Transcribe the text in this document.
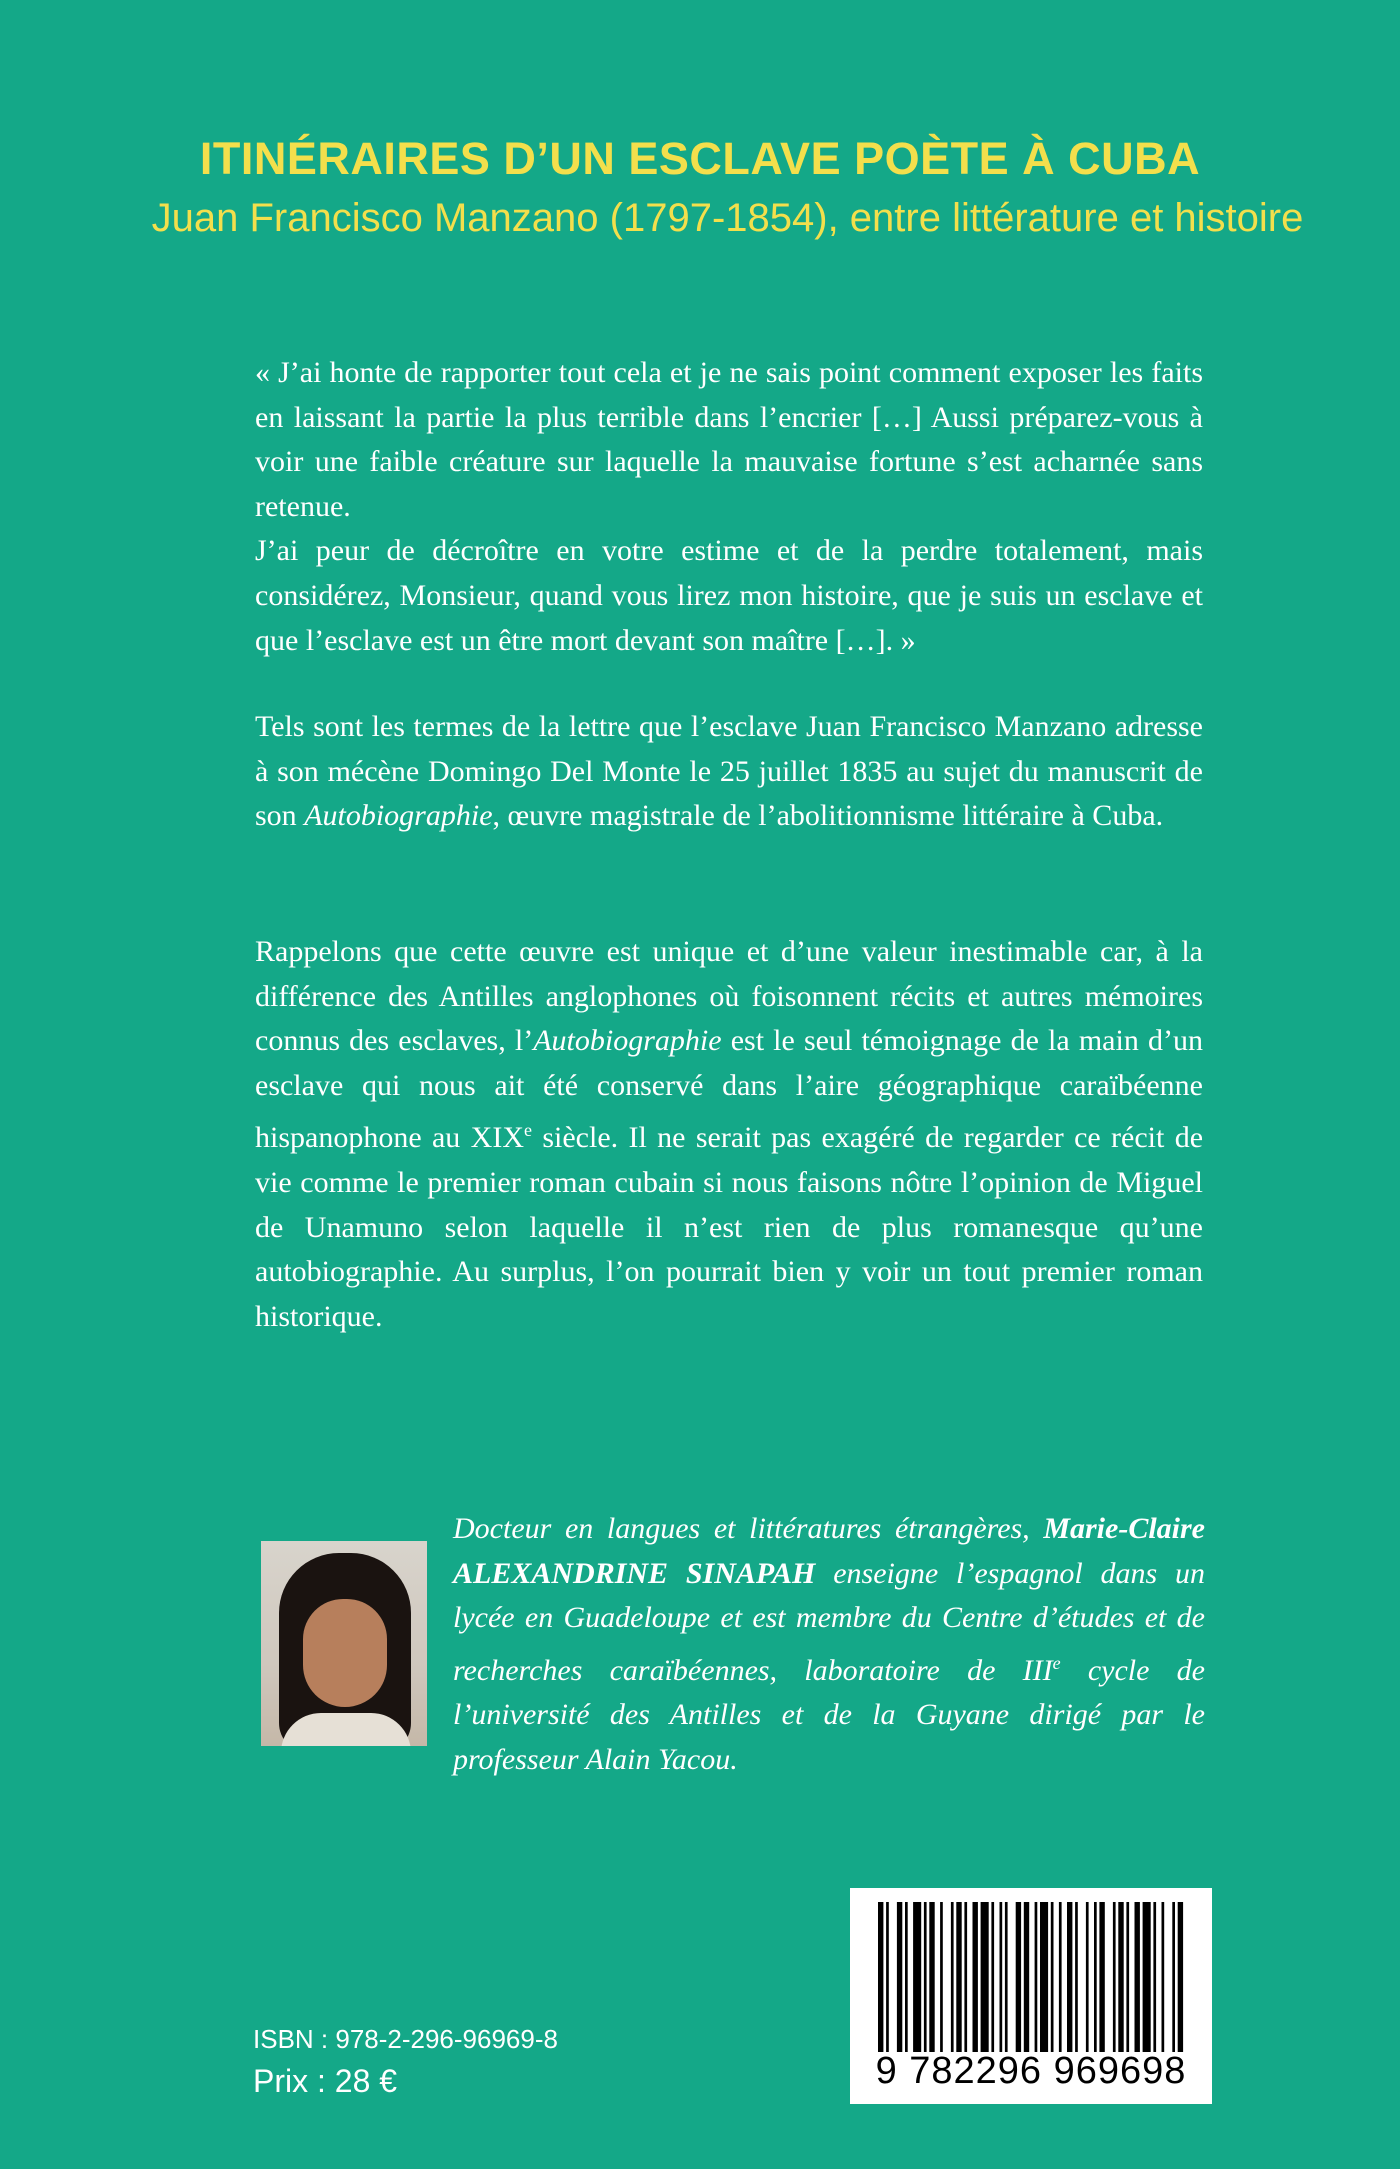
ITINÉRAIRES D’UN ESCLAVE POÈTE À CUBA
Juan Francisco Manzano (1797-1854), entre littérature et histoire

« J’ai honte de rapporter tout cela et je ne sais point comment exposer les faits en laissant la partie la plus terrible dans l’encrier […] Aussi préparez-vous à voir une faible créature sur laquelle la mauvaise fortune s’est acharnée sans retenue.

J’ai peur de décroître en votre estime et de la perdre totalement, mais considérez, Monsieur, quand vous lirez mon histoire, que je suis un esclave et que l’esclave est un être mort devant son maître […]. »

Tels sont les termes de la lettre que l’esclave Juan Francisco Manzano adresse à son mécène Domingo Del Monte le 25 juillet 1835 au sujet du manuscrit de son Autobiographie, œuvre magistrale de l’abolitionnisme littéraire à Cuba.

Rappelons que cette œuvre est unique et d’une valeur inestimable car, à la différence des Antilles anglophones où foisonnent récits et autres mémoires connus des esclaves, l’Autobiographie est le seul témoignage de la main d’un esclave qui nous ait été conservé dans l’aire géographique caraïbéenne hispanophone au XIXe siècle. Il ne serait pas exagéré de regarder ce récit de vie comme le premier roman cubain si nous faisons nôtre l’opinion de Miguel de Unamuno selon laquelle il n’est rien de plus romanesque qu’une autobiographie. Au surplus, l’on pourrait bien y voir un tout premier roman historique.

Docteur en langues et littératures étrangères, Marie-Claire ALEXANDRINE SINAPAH enseigne l’espagnol dans un lycée en Guadeloupe et est membre du Centre d’études et de recherches caraïbéennes, laboratoire de IIIe cycle de l’université des Antilles et de la Guyane dirigé par le professeur Alain Yacou.
ISBN : 978-2-296-96969-8
Prix : 28 €	9 782296 969698
